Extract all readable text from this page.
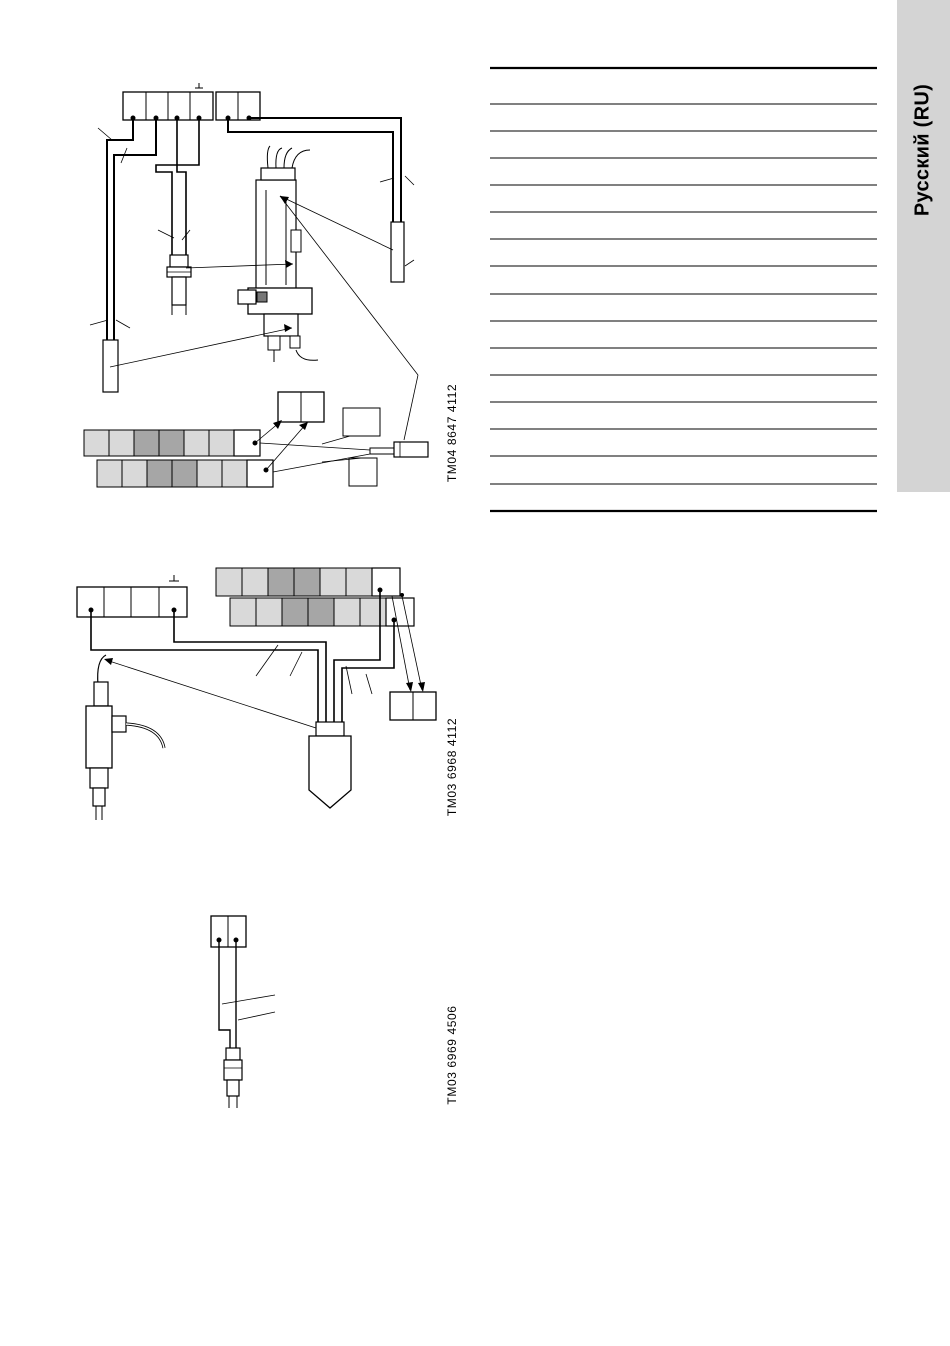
Русский (RU)
TM04 8647 4112
TM03 6968 4112
TM03 6969 4506
